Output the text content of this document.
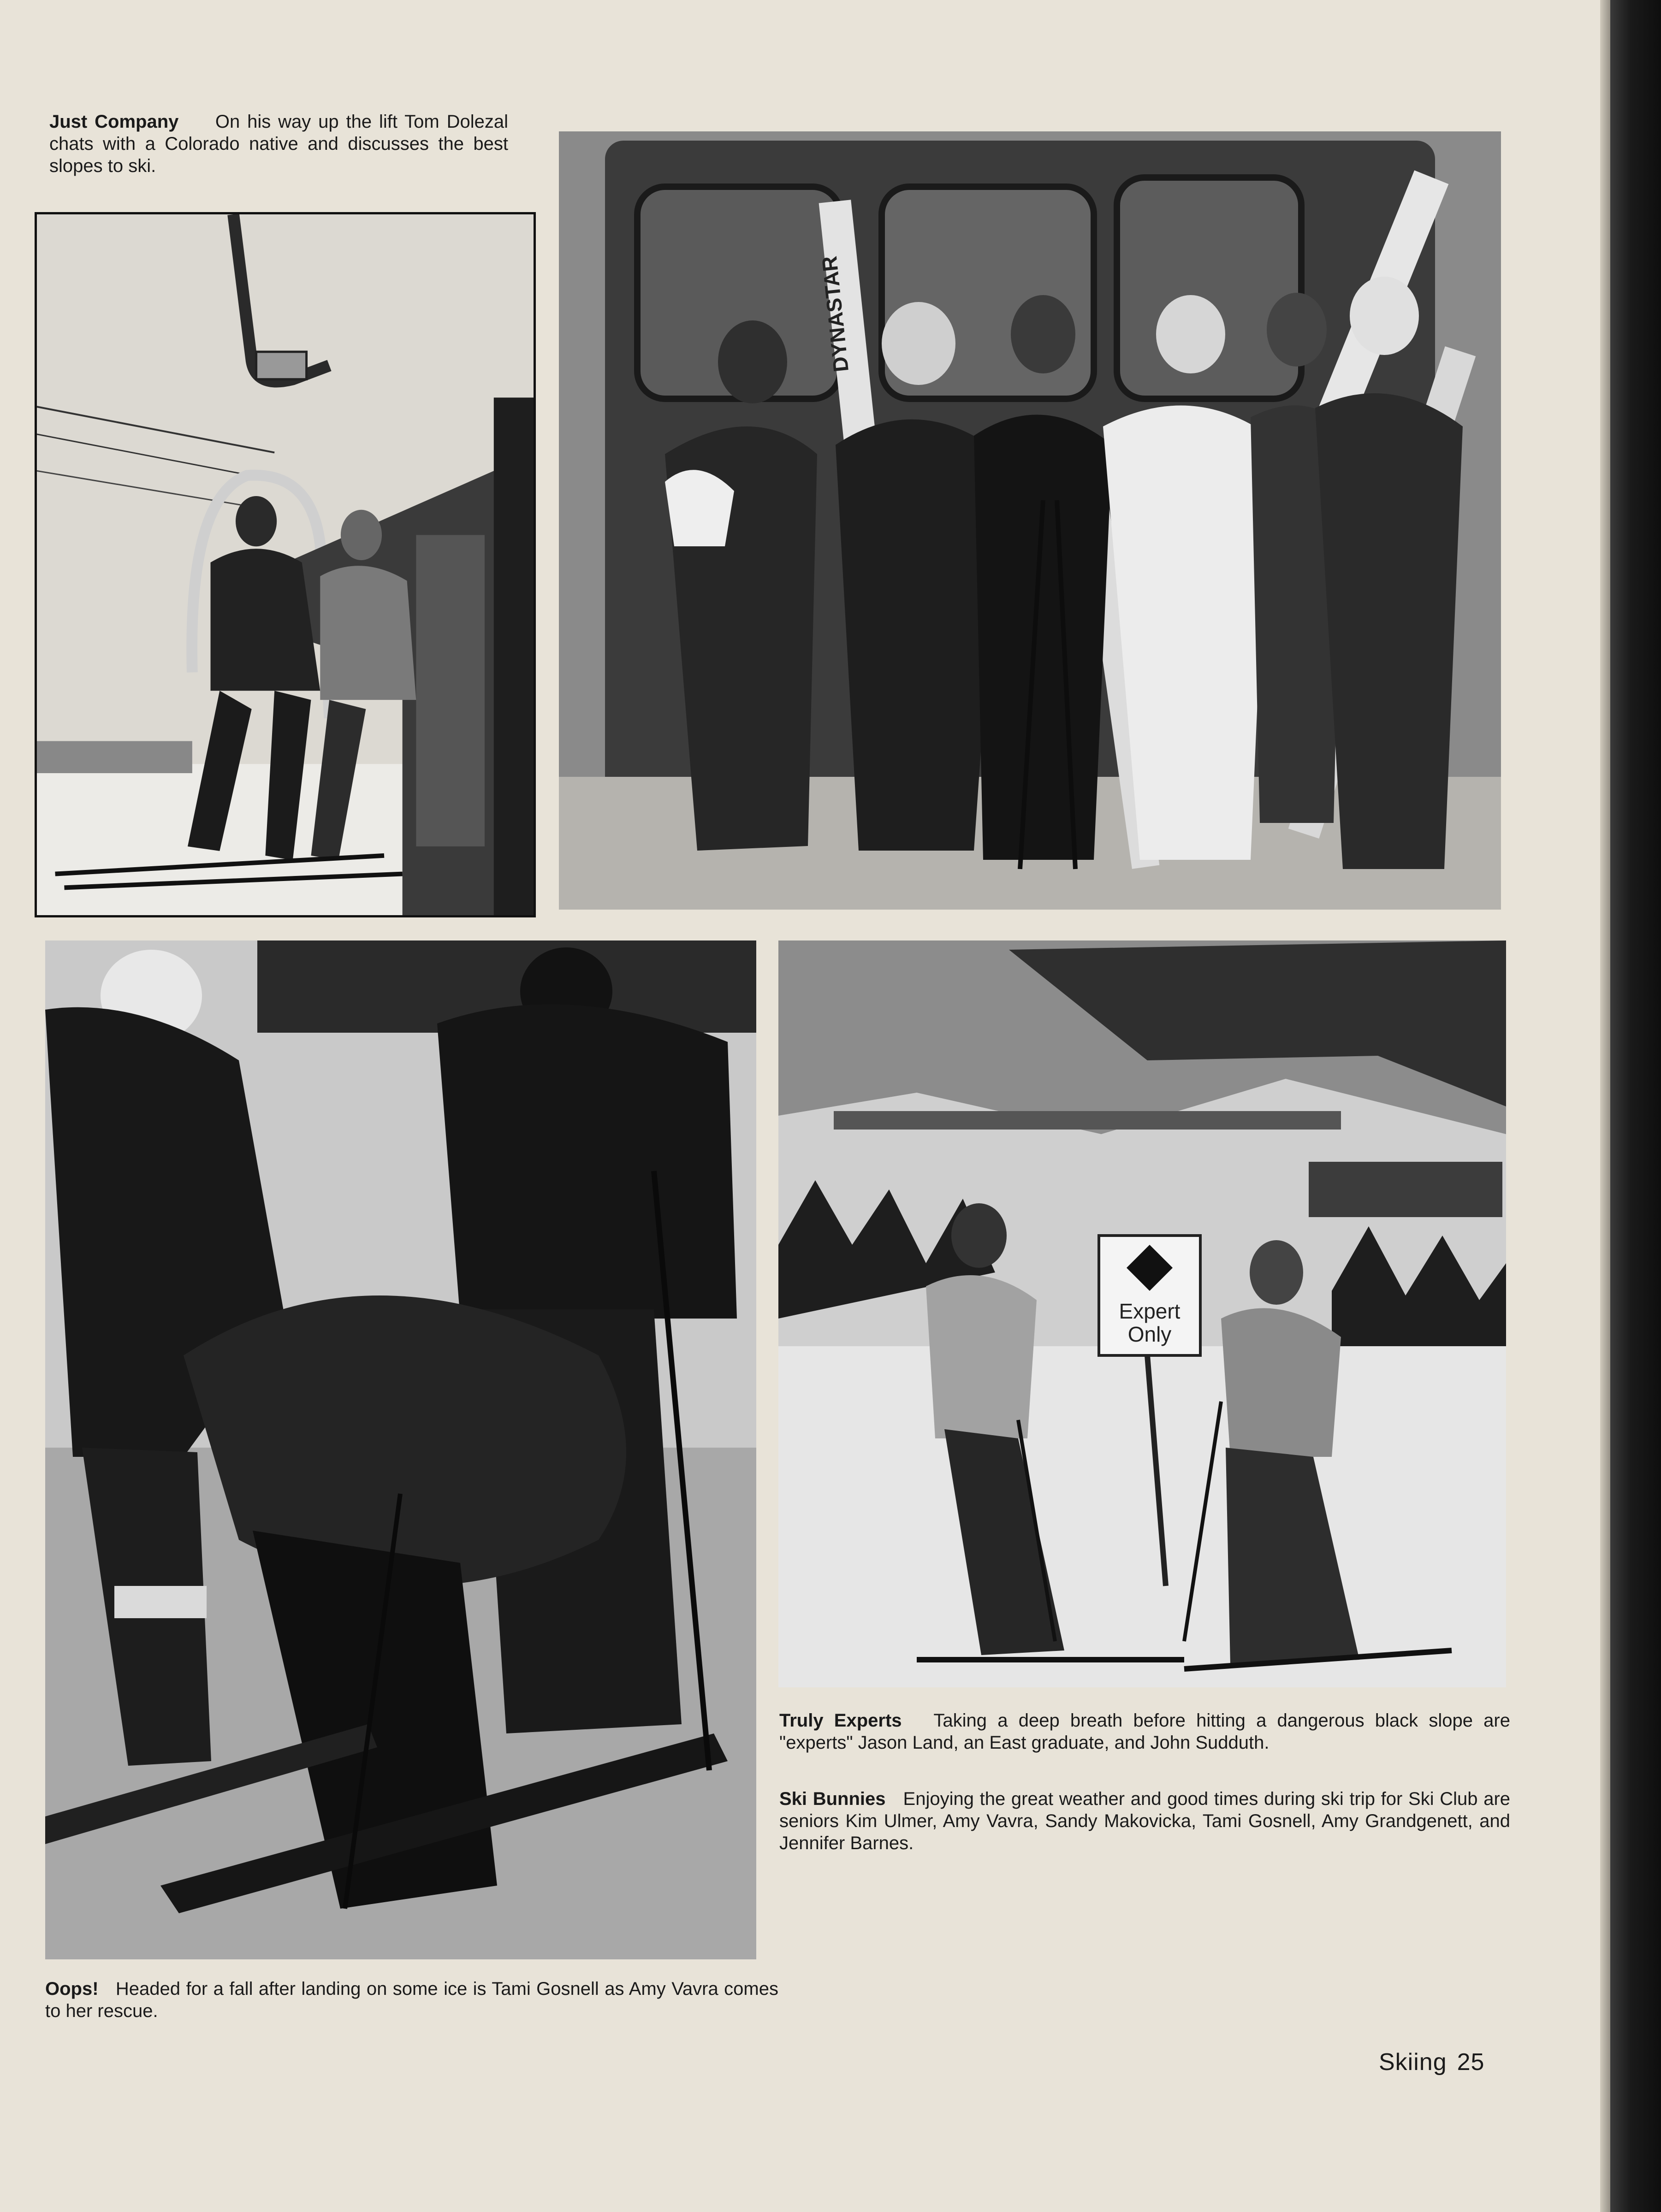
Just Company On his way up the lift Tom Dolezal chats with a Colorado native and discusses the best slopes to ski.

DYNASTAR
Expert
Only

Truly Experts Taking a deep breath before hitting a dangerous black slope are "experts" Jason Land, an East graduate, and John Sudduth.

Ski Bunnies Enjoying the great weather and good times during ski trip for Ski Club are seniors Kim Ulmer, Amy Vavra, Sandy Makovicka, Tami Gosnell, Amy Grandgenett, and Jennifer Barnes.

Oops! Headed for a fall after landing on some ice is Tami Gosnell as Amy Vavra comes to her rescue.

Skiing 25
